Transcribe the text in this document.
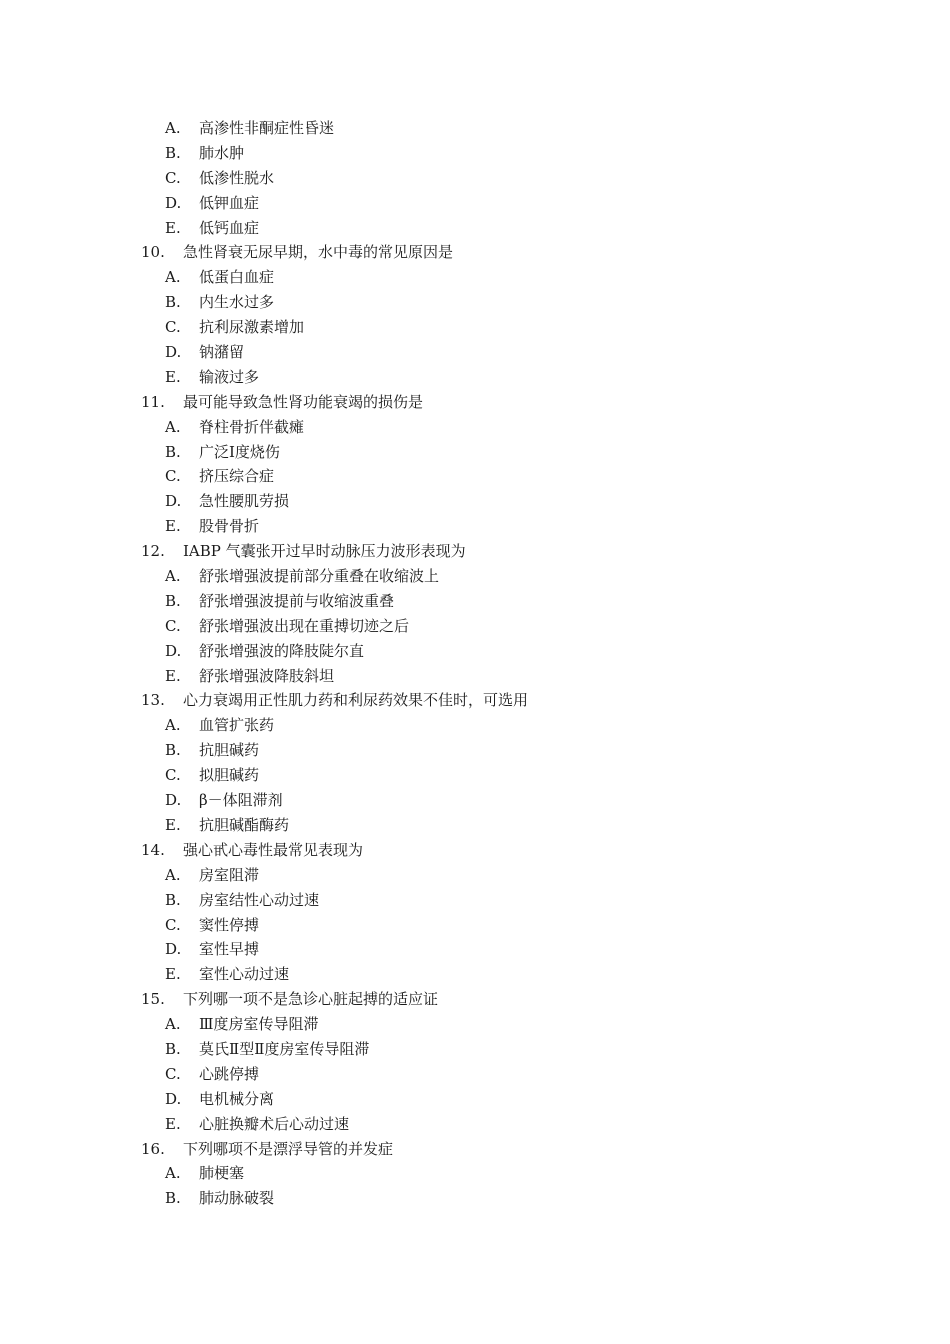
A. 高渗性非酮症性昏迷
B. 肺水肿
C. 低渗性脱水
D. 低钾血症
E. 低钙血症
10. 急性肾衰无尿早期，水中毒的常见原因是
A. 低蛋白血症
B. 内生水过多
C. 抗利尿激素增加
D. 钠潴留
E. 输液过多
11. 最可能导致急性肾功能衰竭的损伤是
A. 脊柱骨折伴截瘫
B. 广泛Ⅰ度烧伤
C. 挤压综合症
D. 急性腰肌劳损
E. 股骨骨折
12. IABP 气囊张开过早时动脉压力波形表现为
A. 舒张增强波提前部分重叠在收缩波上
B. 舒张增强波提前与收缩波重叠
C. 舒张增强波出现在重搏切迹之后
D. 舒张增强波的降肢陡尔直
E. 舒张增强波降肢斜坦
13. 心力衰竭用正性肌力药和利尿药效果不佳时，可选用
A. 血管扩张药
B. 抗胆碱药
C. 拟胆碱药
D. β－体阻滞剂
E. 抗胆碱酯酶药
14. 强心甙心毒性最常见表现为
A. 房室阻滞
B. 房室结性心动过速
C. 窦性停搏
D. 室性早搏
E. 室性心动过速
15. 下列哪一项不是急诊心脏起搏的适应证
A. Ⅲ度房室传导阻滞
B. 莫氏Ⅱ型Ⅱ度房室传导阻滞
C. 心跳停搏
D. 电机械分离
E. 心脏换瓣术后心动过速
16. 下列哪项不是漂浮导管的并发症
A. 肺梗塞
B. 肺动脉破裂
